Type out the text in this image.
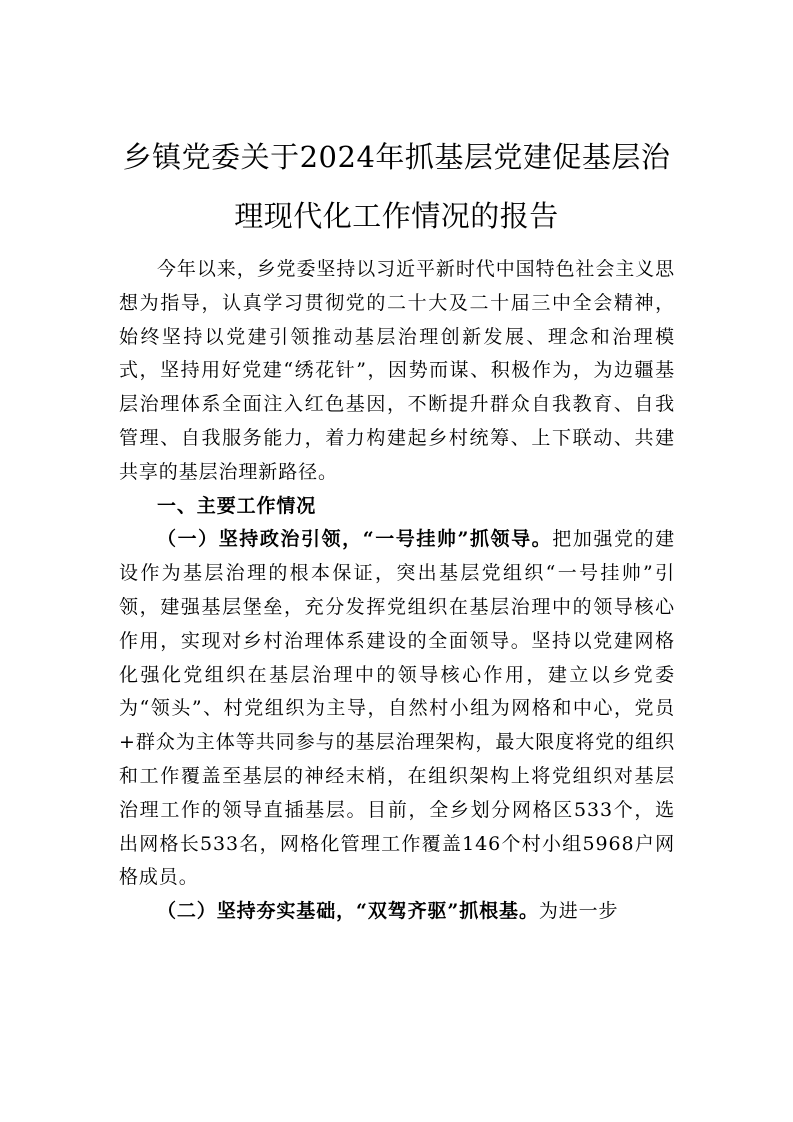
乡镇党委关于2024年抓基层党建促基层治
理现代化工作情况的报告

今年以来，乡党委坚持以习近平新时代中国特色社会主义思想为指导，认真学习贯彻党的二十大及二十届三中全会精神，始终坚持以党建引领推动基层治理创新发展、理念和治理模式，坚持用好党建“绣花针”，因势而谋、积极作为，为边疆基层治理体系全面注入红色基因，不断提升群众自我教育、自我管理、自我服务能力，着力构建起乡村统筹、上下联动、共建共享的基层治理新路径。

一、主要工作情况

（一）坚持政治引领，“一号挂帅”抓领导。把加强党的建设作为基层治理的根本保证，突出基层党组织“一号挂帅”引领，建强基层堡垒，充分发挥党组织在基层治理中的领导核心作用，实现对乡村治理体系建设的全面领导。坚持以党建网格化强化党组织在基层治理中的领导核心作用，建立以乡党委为“领头”、村党组织为主导，自然村小组为网格和中心，党员+群众为主体等共同参与的基层治理架构，最大限度将党的组织和工作覆盖至基层的神经末梢，在组织架构上将党组织对基层治理工作的领导直插基层。目前，全乡划分网格区533个，选出网格长533名，网格化管理工作覆盖146个村小组5968户网格成员。

（二）坚持夯实基础，“双驾齐驱”抓根基。为进一步
